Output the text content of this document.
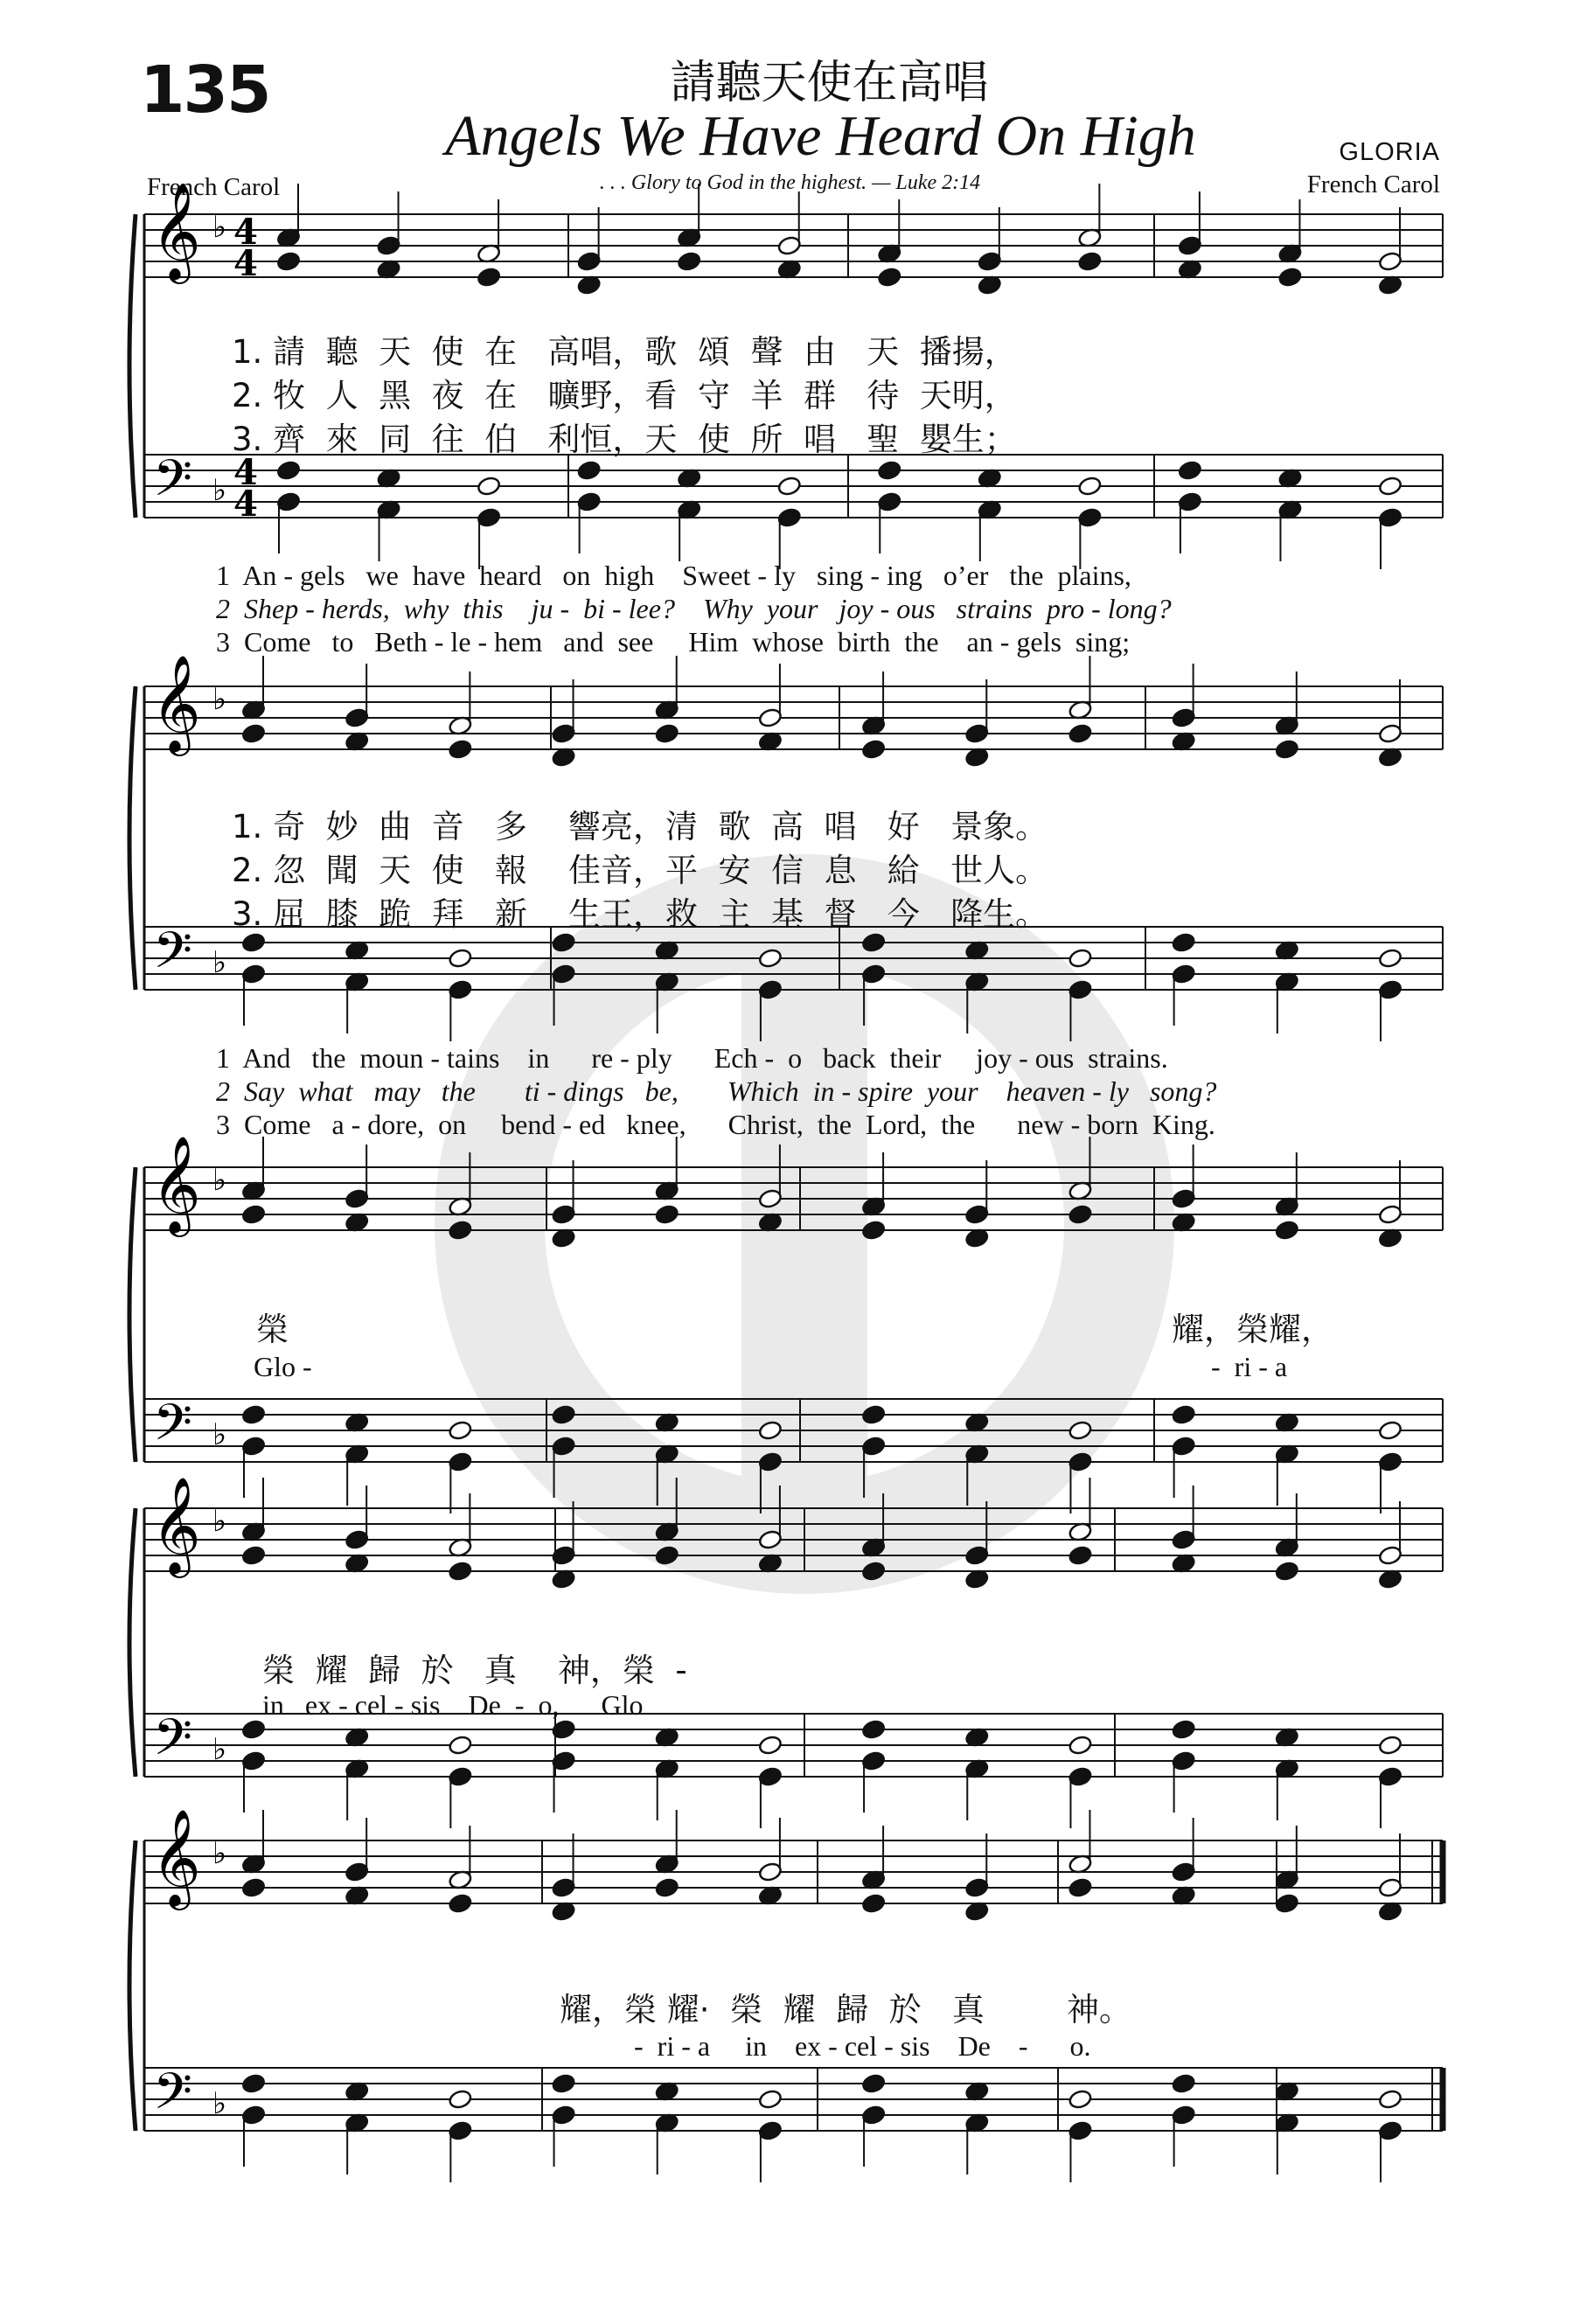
135	請聽天使在高唱
Angels We Have Heard On High	GLORIA
French Carol	. . . Glory to God in the highest. — Luke 2:14	French Carol
𝄞
𝄢
♭
♭
4
4
4
4
𝄞
𝄢
♭
♭
𝄞
𝄢
♭
♭
𝄞
𝄢
♭
♭
𝄞
𝄢
♭
♭
1. 請  聽  天  使  在   高唱，歌  頌  聲  由   天  播揚，
2. 牧  人  黑  夜  在   曠野，看  守  羊  群   待  天明，
3. 齊  來  同  往  伯   利恒，天  使  所  唱   聖  嬰生；
1  An - gels   we  have  heard   on  high    Sweet - ly   sing - ing   o’er   the  plains,
2  Shep - herds,  why  this    ju -  bi - lee?    Why  your   joy - ous   strains  pro - long?
3  Come   to   Beth - le - hem   and  see     Him  whose  birth  the    an - gels  sing;
1. 奇  妙  曲  音   多    響亮，清  歌  高  唱   好   景象。
2. 忽  聞  天  使   報    佳音，平  安  信  息   給   世人。
3. 屈  膝  跪  拜   新    生王，救  主  基  督   今   降生。
1  And   the  moun - tains    in      re - ply      Ech -  o   back  their     joy - ous  strains.
2  Say  what   may   the       ti - dings   be,       Which  in - spire  your    heaven - ly   song?
3  Come   a - dore,  on     bend - ed   knee,      Christ,  the  Lord,  the      new - born  King.
榮	耀，榮耀，
Glo -	-  ri - a
榮  耀  歸  於   真    神，榮  -
in   ex - cel - sis    De  -  o,      Glo
耀，榮 耀·  榮  耀  歸  於   真        神。
-  ri - a     in    ex - cel - sis    De    -      o.
